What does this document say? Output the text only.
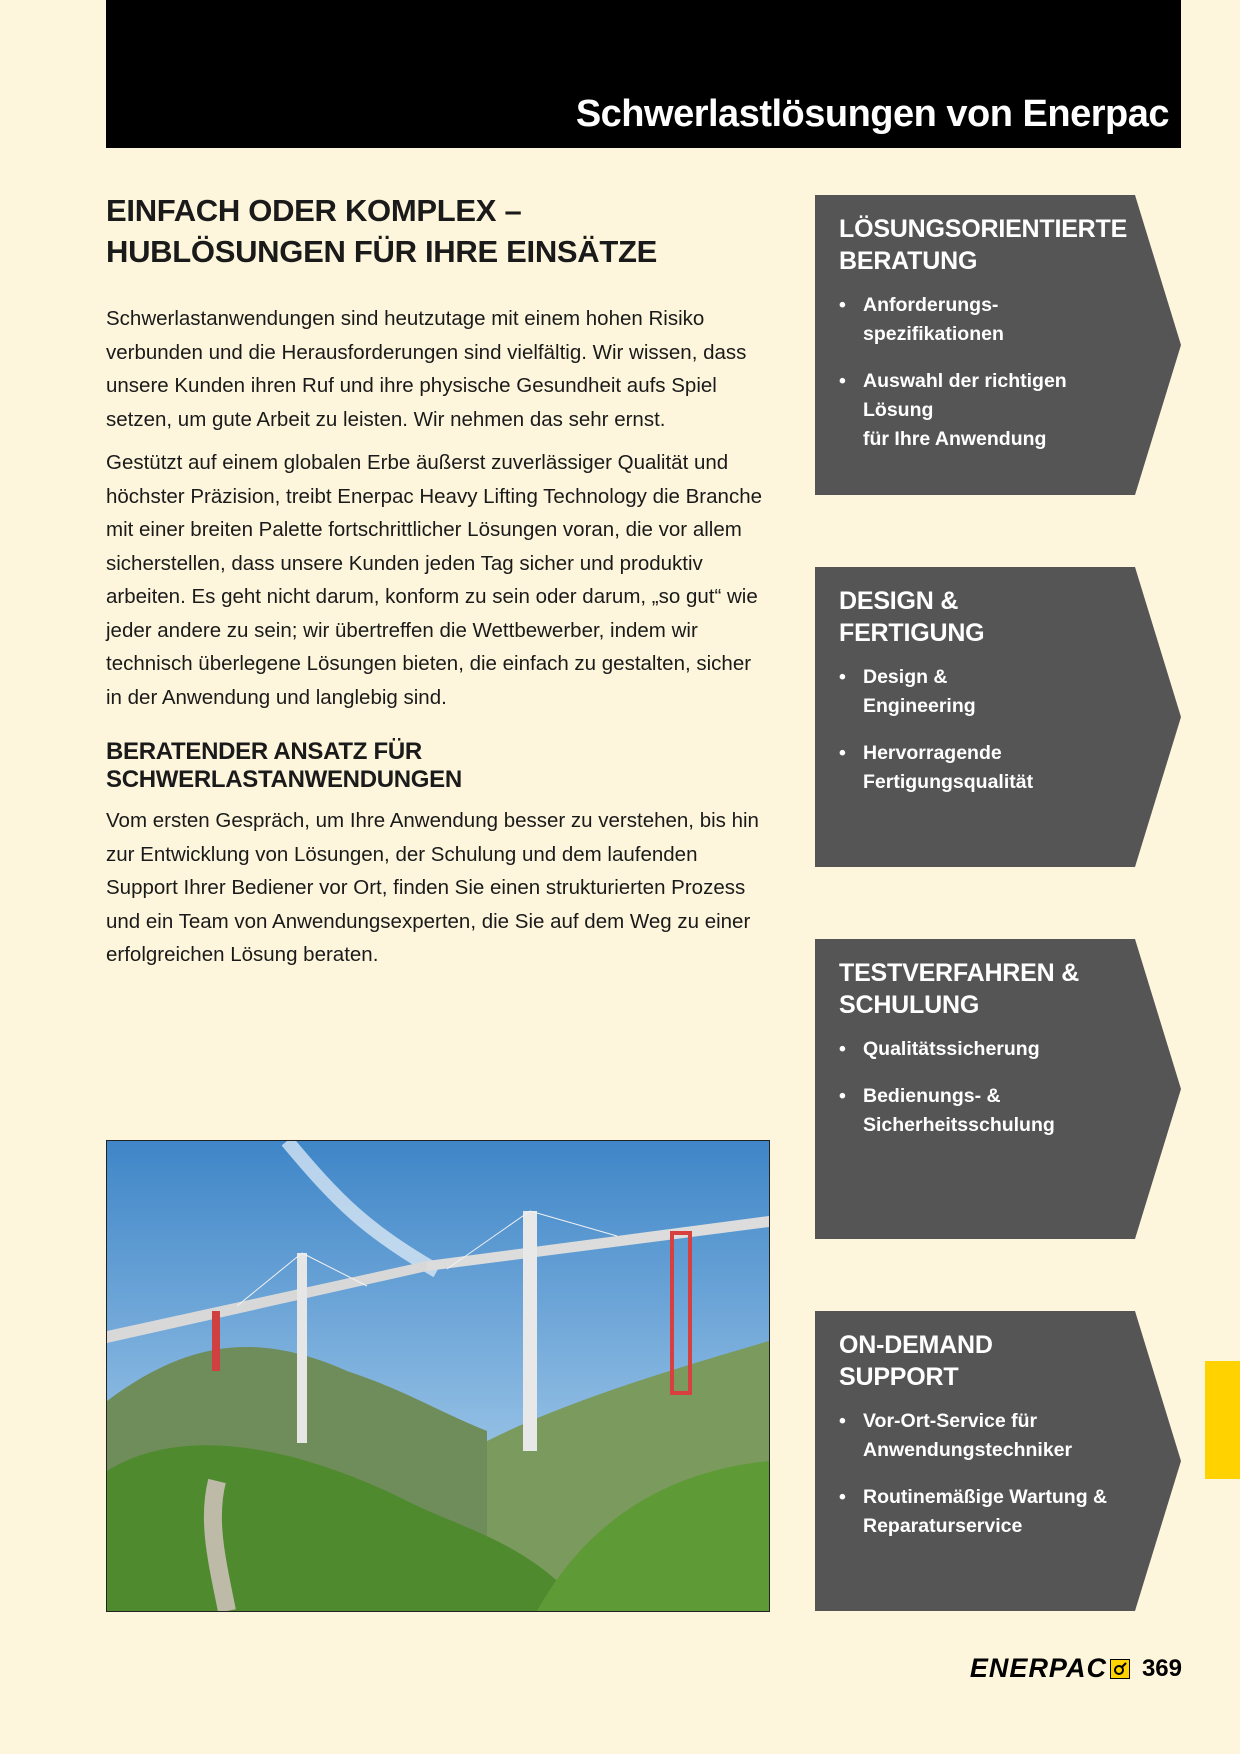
Schwerlastlösungen von Enerpac
EINFACH ODER KOMPLEX –
HUBLÖSUNGEN FÜR IHRE EINSÄTZE

Schwerlastanwendungen sind heutzutage mit einem hohen Risiko verbunden und die Herausforderungen sind vielfältig. Wir wissen, dass unsere Kunden ihren Ruf und ihre physische Gesundheit aufs Spiel setzen, um gute Arbeit zu leisten. Wir nehmen das sehr ernst.

Gestützt auf einem globalen Erbe äußerst zuverlässiger Qualität und höchster Präzision, treibt Enerpac Heavy Lifting Technology die Branche mit einer breiten Palette fortschrittlicher Lösungen voran, die vor allem sicherstellen, dass unsere Kunden jeden Tag sicher und produktiv arbeiten. Es geht nicht darum, konform zu sein oder darum, „so gut“ wie jeder andere zu sein; wir übertreffen die Wettbewerber, indem wir technisch überlegene Lösungen bieten, die einfach zu gestalten, sicher in der Anwendung und langlebig sind.

BERATENDER ANSATZ FÜR SCHWERLASTANWENDUNGEN

Vom ersten Gespräch, um Ihre Anwendung besser zu verstehen, bis hin zur Entwicklung von Lösungen, der Schulung und dem laufenden Support Ihrer Bediener vor Ort, finden Sie einen strukturierten Prozess und ein Team von Anwendungsexperten, die Sie auf dem Weg zu einer erfolgreichen Lösung beraten.

LÖSUNGSORIENTIERTE
BERATUNG
• Anforderungs-
spezifikationen
• Auswahl der richtigen Lösung
für Ihre Anwendung
DESIGN &
FERTIGUNG
• Design &
Engineering
• Hervorragende
Fertigungsqualität
TESTVERFAHREN &
SCHULUNG
• Qualitätssicherung
• Bedienungs- &
Sicherheitsschulung
ON-DEMAND
SUPPORT
• Vor-Ort-Service für
Anwendungstechniker
• Routinemäßige Wartung &
Reparaturservice
ENERPAC 369
